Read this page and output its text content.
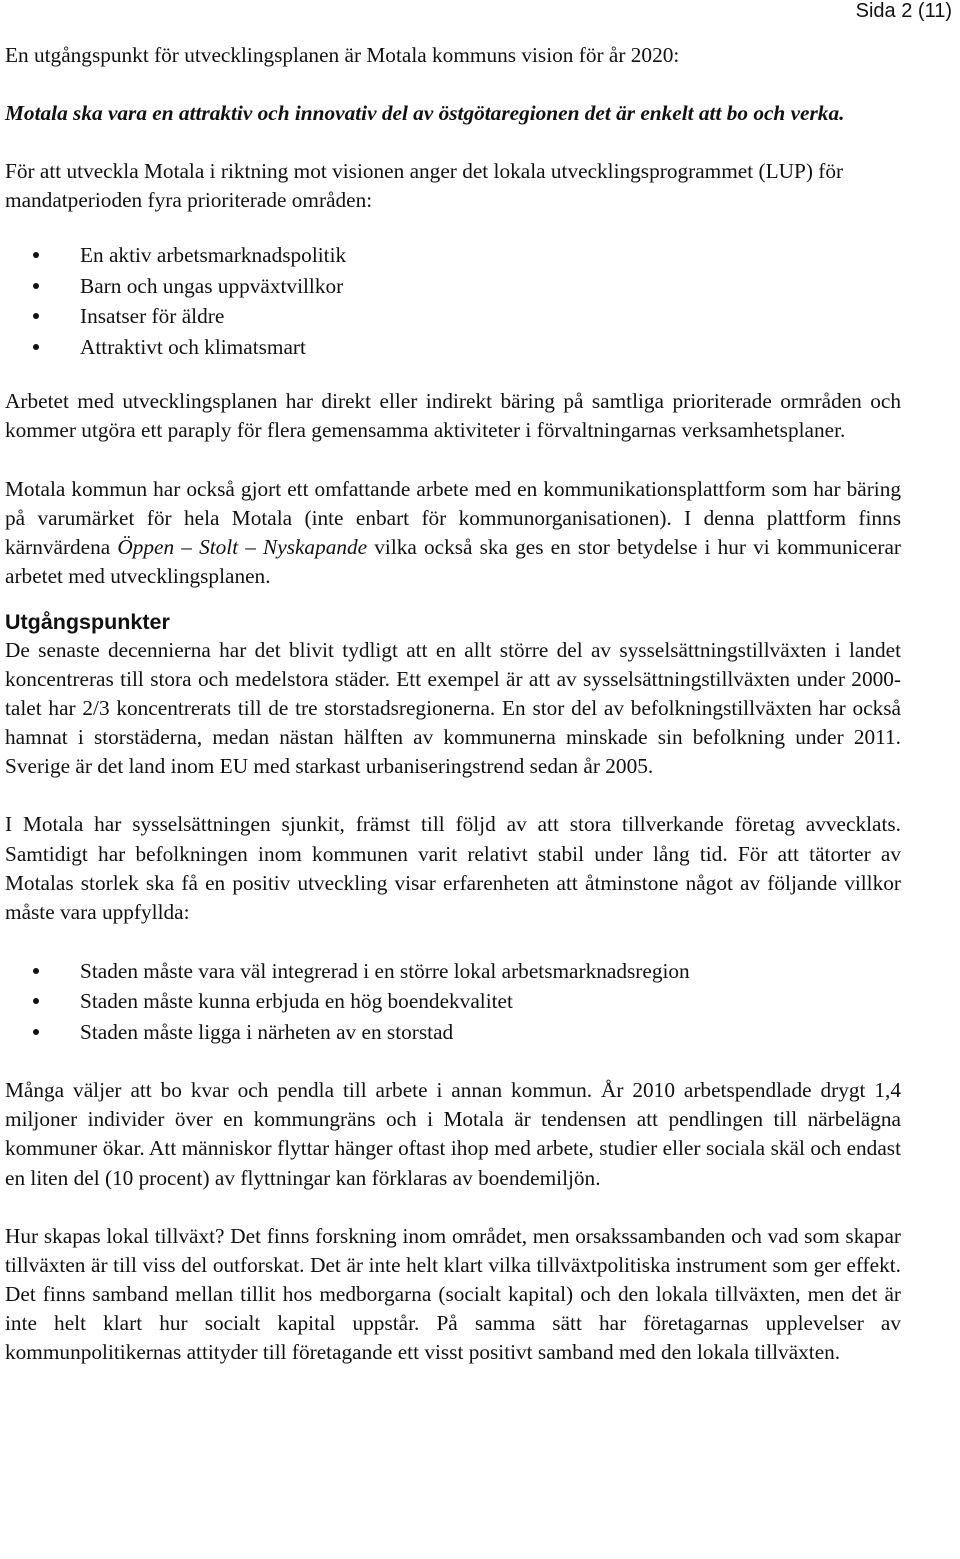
Sida 2 (11)

En utgångspunkt för utvecklingsplanen är Motala kommuns vision för år 2020:

Motala ska vara en attraktiv och innovativ del av östgötaregionen det är enkelt att bo och verka.

För att utveckla Motala i riktning mot visionen anger det lokala utvecklingsprogrammet (LUP) för mandatperioden fyra prioriterade områden:

En aktiv arbetsmarknadspolitik
Barn och ungas uppväxtvillkor
Insatser för äldre
Attraktivt och klimatsmart

Arbetet med utvecklingsplanen har direkt eller indirekt bäring på samtliga prioriterade ormråden och kommer utgöra ett paraply för flera gemensamma aktiviteter i förvaltningarnas verksamhetsplaner.

Motala kommun har också gjort ett omfattande arbete med en kommunikationsplattform som har bäring på varumärket för hela Motala (inte enbart för kommunorganisationen). I denna plattform finns kärnvärdena Öppen – Stolt – Nyskapande vilka också ska ges en stor betydelse i hur vi kommunicerar arbetet med utvecklingsplanen.

Utgångspunkter

De senaste decennierna har det blivit tydligt att en allt större del av sysselsättningstillväxten i landet koncentreras till stora och medelstora städer. Ett exempel är att av sysselsättningstillväxten under 2000-talet har 2/3 koncentrerats till de tre storstadsregionerna. En stor del av befolkningstillväxten har också hamnat i storstäderna, medan nästan hälften av kommunerna minskade sin befolkning under 2011. Sverige är det land inom EU med starkast urbaniseringstrend sedan år 2005.

I Motala har sysselsättningen sjunkit, främst till följd av att stora tillverkande företag avvecklats. Samtidigt har befolkningen inom kommunen varit relativt stabil under lång tid. För att tätorter av Motalas storlek ska få en positiv utveckling visar erfarenheten att åtminstone något av följande villkor måste vara uppfyllda:

Staden måste vara väl integrerad i en större lokal arbetsmarknadsregion
Staden måste kunna erbjuda en hög boendekvalitet
Staden måste ligga i närheten av en storstad

Många väljer att bo kvar och pendla till arbete i annan kommun. År 2010 arbetspendlade drygt 1,4 miljoner individer över en kommungräns och i Motala är tendensen att pendlingen till närbelägna kommuner ökar. Att människor flyttar hänger oftast ihop med arbete, studier eller sociala skäl och endast en liten del (10 procent) av flyttningar kan förklaras av boendemiljön.

Hur skapas lokal tillväxt? Det finns forskning inom området, men orsakssambanden och vad som skapar tillväxten är till viss del outforskat. Det är inte helt klart vilka tillväxtpolitiska instrument som ger effekt. Det finns samband mellan tillit hos medborgarna (socialt kapital) och den lokala tillväxten, men det är inte helt klart hur socialt kapital uppstår. På samma sätt har företagarnas upplevelser av kommunpolitikernas attityder till företagande ett visst positivt samband med den lokala tillväxten.
